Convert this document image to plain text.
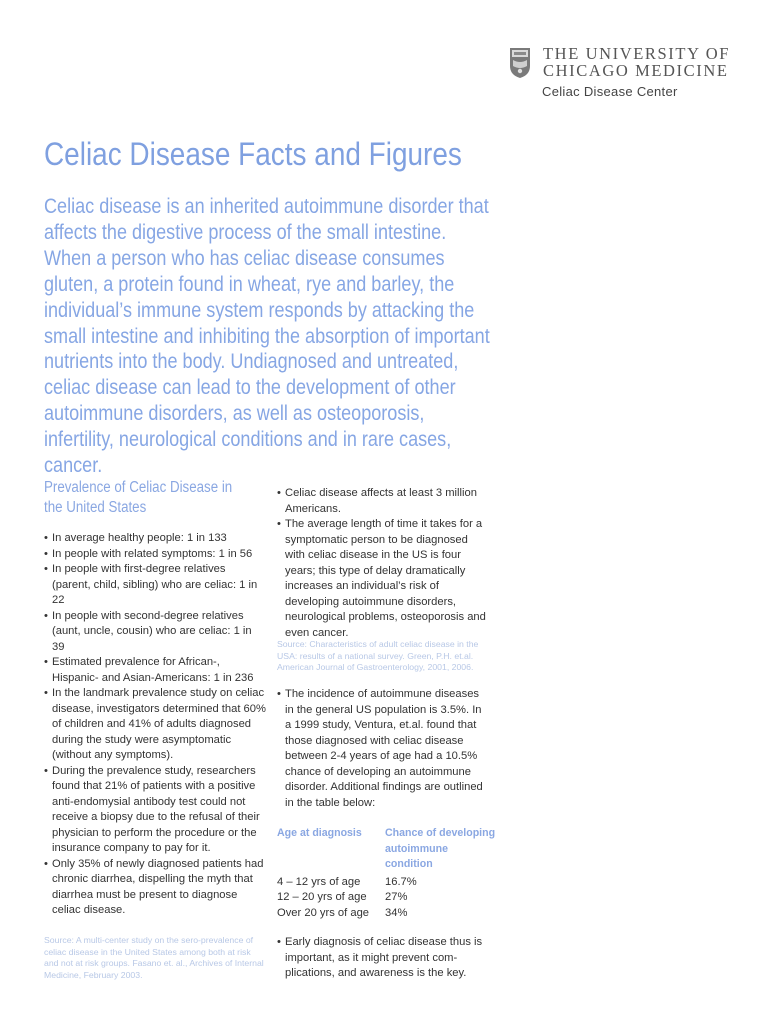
THE UNIVERSITY OF
CHICAGO MEDICINE
Celiac Disease Center
Celiac Disease Facts and Figures

Celiac disease is an inherited autoimmune disorder that affects the digestive process of the small intestine. When a person who has celiac disease consumes gluten, a protein found in wheat, rye and barley, the individual’s immune system responds by attacking the small intestine and inhibiting the absorption of important nutrients into the body. Undiagnosed and untreated, celiac disease can lead to the development of other autoimmune disorders, as well as osteoporosis, infertility, neurological conditions and in rare cases, cancer.

Prevalence of Celiac Disease in the United States

• In average healthy people: 1 in 133
• In people with related symptoms: 1 in 56
• In people with first-degree relatives (parent, child, sibling) who are celiac: 1 in 22
• In people with second-degree relatives (aunt, uncle, cousin) who are celiac: 1 in 39
• Estimated prevalence for African-, Hispanic- and Asian-Americans: 1 in 236
• In the landmark prevalence study on celiac disease, investigators determined that 60% of children and 41% of adults diagnosed during the study were asymptomatic (without any symptoms).
• During the prevalence study, researchers found that 21% of patients with a positive anti-endomysial antibody test could not receive a biopsy due to the refusal of their physician to perform the procedure or the insurance company to pay for it.
• Only 35% of newly diagnosed patients had chronic diarrhea, dispelling the myth that diarrhea must be present to diagnose celiac disease.

Source: A multi-center study on the sero-prevalence of celiac disease in the United States among both at risk and not at risk groups. Fasano et. al., Archives of Internal Medicine, February 2003.

• Celiac disease affects at least 3 million Americans.
• The average length of time it takes for a symptomatic person to be diagnosed with celiac disease in the US is four years; this type of delay dramatically increases an individual’s risk of developing autoimmune disorders, neurological problems, osteoporosis and even cancer.

Source: Characteristics of adult celiac disease in the USA: results of a national survey. Green, P.H. et.al. American Journal of Gastroenterology, 2001, 2006.

• The incidence of autoimmune diseases in the general US population is 3.5%. In a 1999 study, Ventura, et.al. found that those diagnosed with celiac disease between 2-4 years of age had a 10.5% chance of developing an autoimmune disorder. Additional findings are outlined in the table below:
Age at diagnosis	Chance of developing autoimmune condition
4 – 12 yrs of age	16.7%
12 – 20 yrs of age	27%
Over 20 yrs of age	34%
• Early diagnosis of celiac disease thus is important, as it might prevent com- plications, and awareness is the key.
